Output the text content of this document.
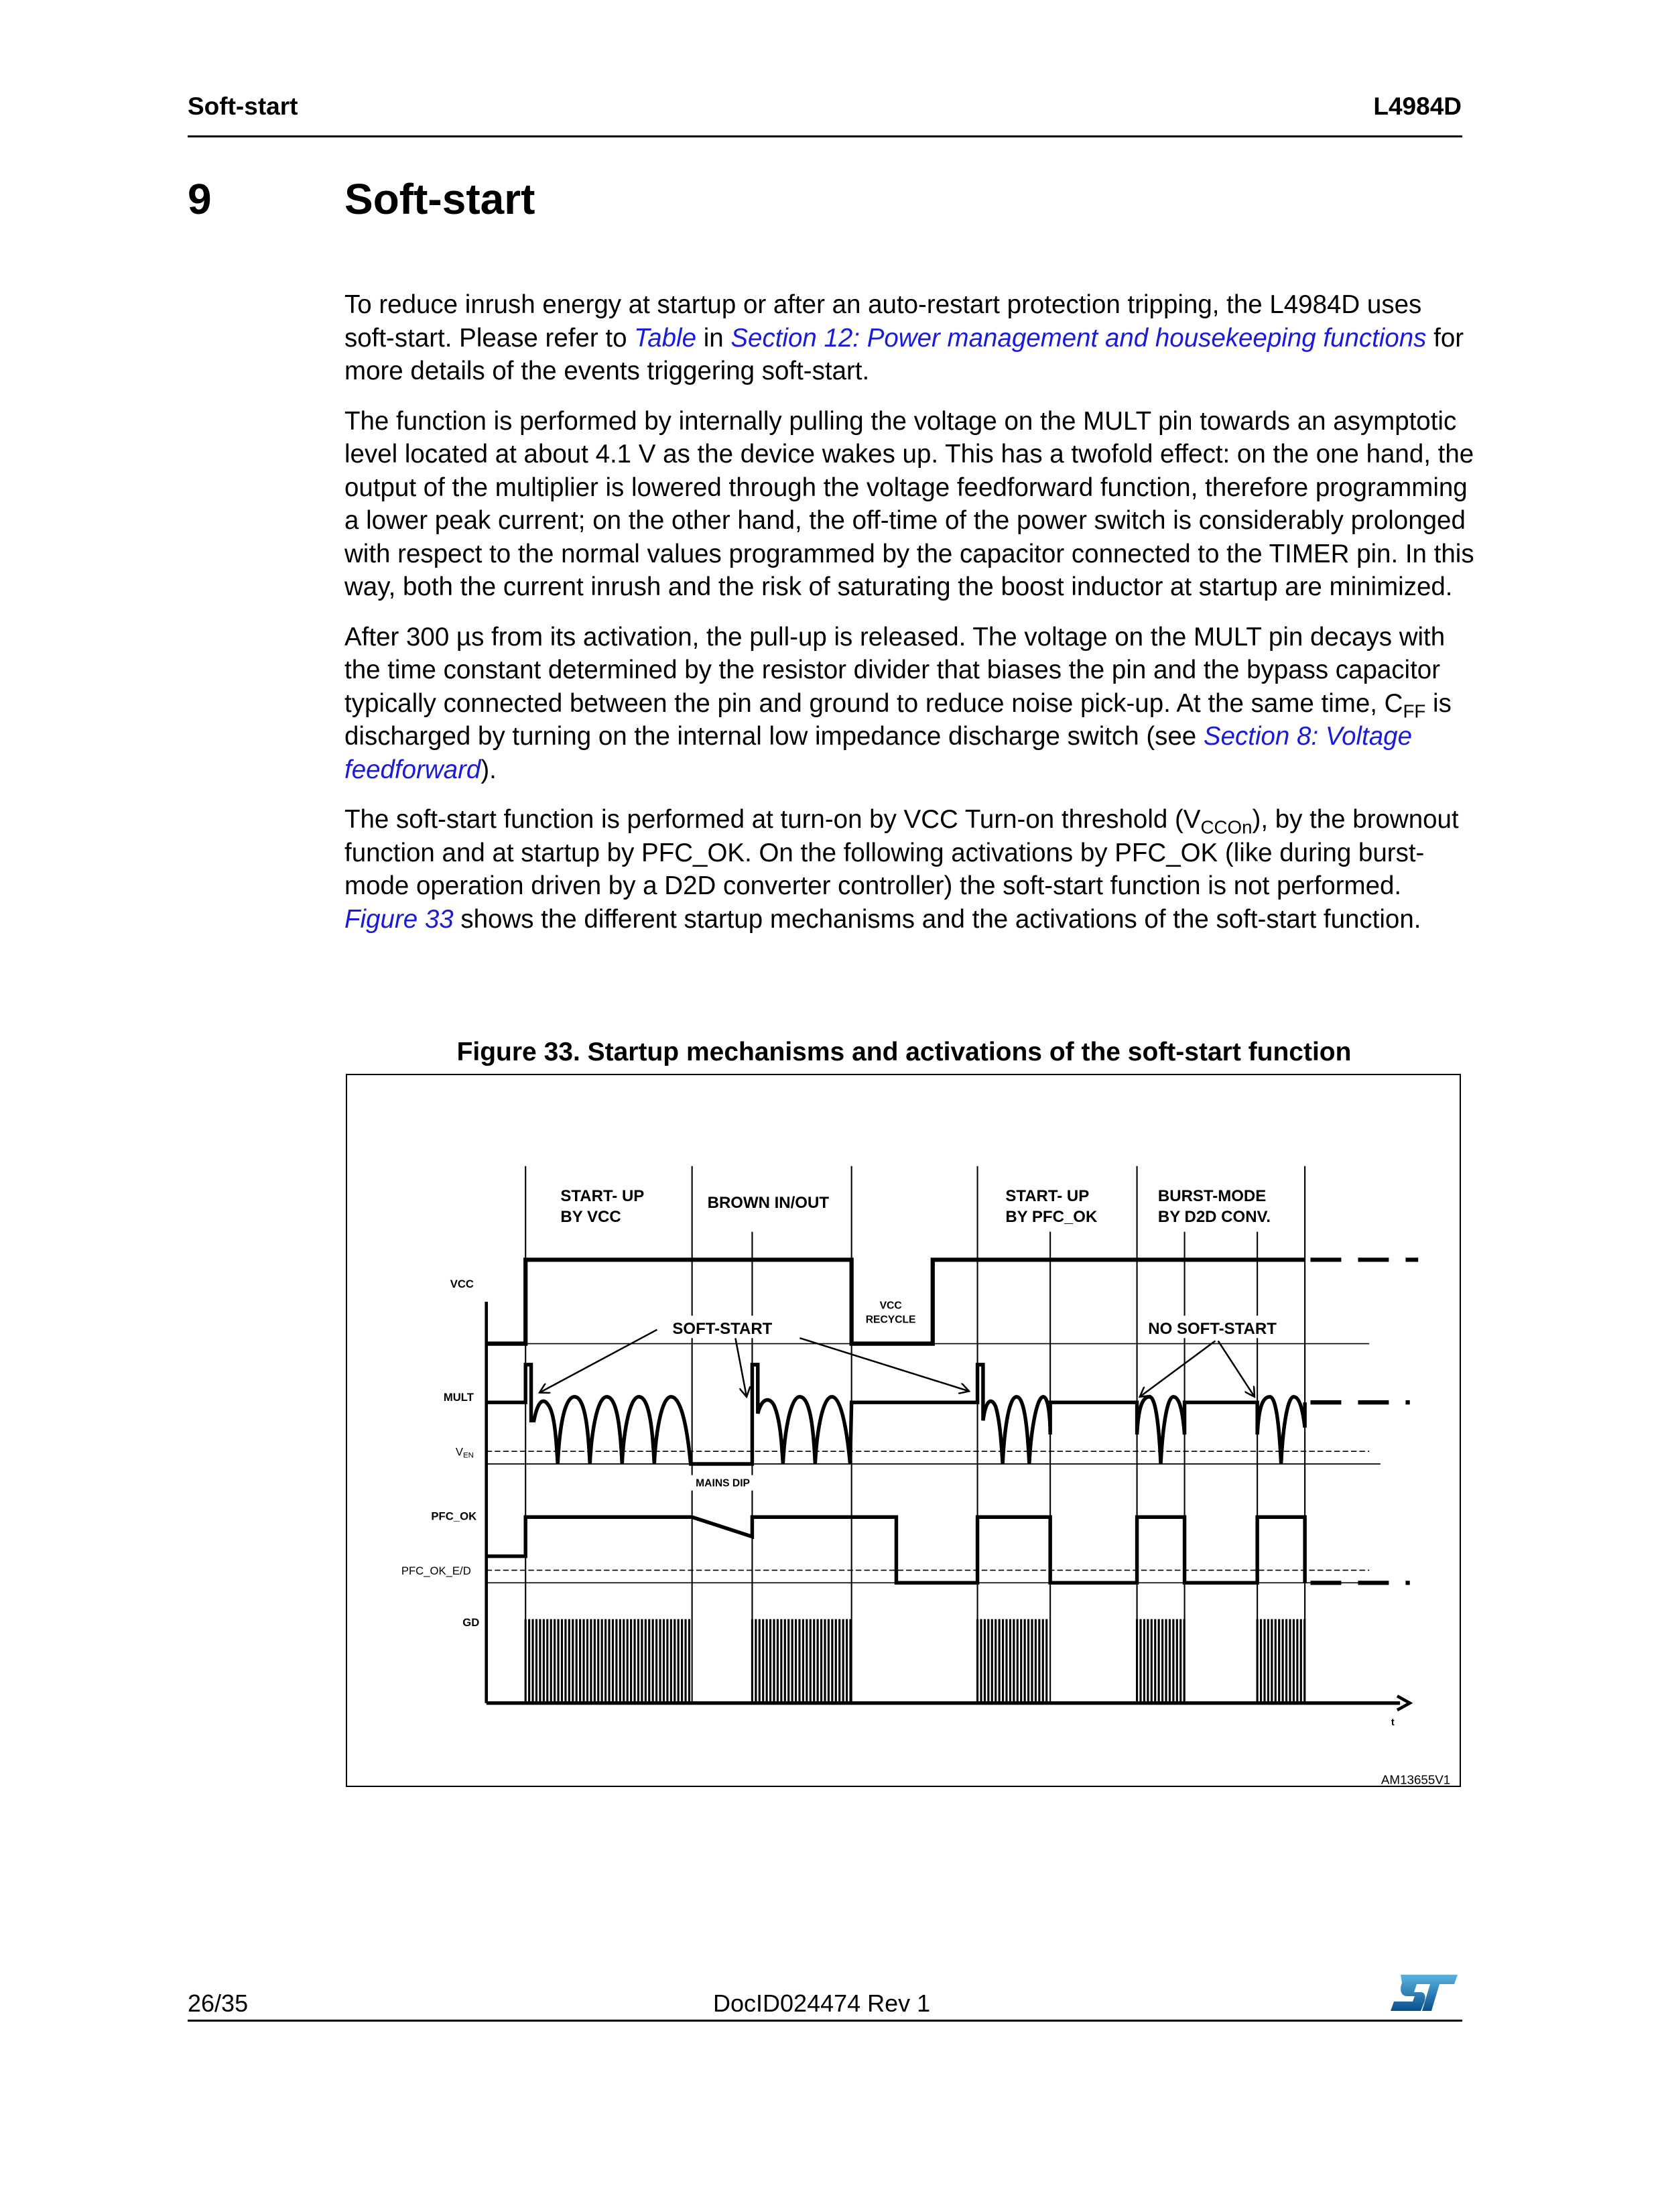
Soft-start	L4984D
9	Soft-start

To reduce inrush energy at startup or after an auto-restart protection tripping, the L4984D uses soft-start. Please refer to Table in Section 12: Power management and housekeeping functions for more details of the events triggering soft-start.

The function is performed by internally pulling the voltage on the MULT pin towards an asymptotic level located at about 4.1 V as the device wakes up. This has a twofold effect: on the one hand, the output of the multiplier is lowered through the voltage feedforward function, therefore programming a lower peak current; on the other hand, the off-time of the power switch is considerably prolonged with respect to the normal values programmed by the capacitor connected to the TIMER pin. In this way, both the current inrush and the risk of saturating the boost inductor at startup are minimized.

After 300 µs from its activation, the pull-up is released. The voltage on the MULT pin decays with the time constant determined by the resistor divider that biases the pin and the bypass capacitor typically connected between the pin and ground to reduce noise pick-up. At the same time, $C_{FF}$ is discharged by turning on the internal low impedance discharge switch (see Section 8: Voltage feedforward).

The soft-start function is performed at turn-on by VCC Turn-on threshold $(V_{CCOn})$, by the brownout function and at startup by PFC_OK. On the following activations by PFC_OK (like during burst-mode operation driven by a D2D converter controller) the soft-start function is not performed. Figure 33 shows the different startup mechanisms and the activations of the soft-start function.

Figure 33. Startup mechanisms and activations of the soft-start function
START- UP
BY VCC
BROWN IN/OUT	START- UP
BY PFC_OK
BURST-MODE
BY D2D CONV.
SOFT-START	NO SOFT-START
VCC
RECYCLE
MAINS DIP
VCC
MULT
VEN
PFC_OK
PFC_OK_E/D
GD
t
AM13655V1
26/35	DocID024474 Rev 1
